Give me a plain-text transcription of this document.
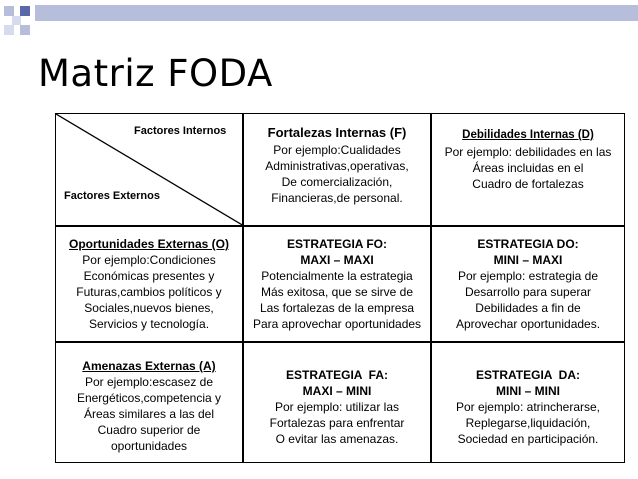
Matriz FODA
Factores Internos
Factores Externos
Fortalezas Internas (F)
Por ejemplo:Cualidades
Administrativas,operativas,
De comercialización,
Financieras,de personal.
Debilidades Internas (D)
Por ejemplo: debilidades en las
Áreas incluidas en el
Cuadro de fortalezas
Oportunidades Externas (O)
Por ejemplo:Condiciones
Económicas presentes y
Futuras,cambios políticos y
Sociales,nuevos bienes,
Servicios y tecnología.
ESTRATEGIA FO:
MAXI – MAXI
Potencialmente la estrategia
Más exitosa, que se sirve de
Las fortalezas de la empresa
Para aprovechar oportunidades
ESTRATEGIA DO:
MINI – MAXI
Por ejemplo: estrategia de
Desarrollo para superar
Debilidades a fin de
Aprovechar oportunidades.
Amenazas Externas (A)
Por ejemplo:escasez de
Energéticos,competencia y
Áreas similares a las del
Cuadro superior de
oportunidades
ESTRATEGIA  FA:
MAXI – MINI
Por ejemplo: utilizar las
Fortalezas para enfrentar
O evitar las amenazas.
ESTRATEGIA  DA:
MINI – MINI
Por ejemplo: atrincherarse,
Replegarse,liquidación,
Sociedad en participación.
